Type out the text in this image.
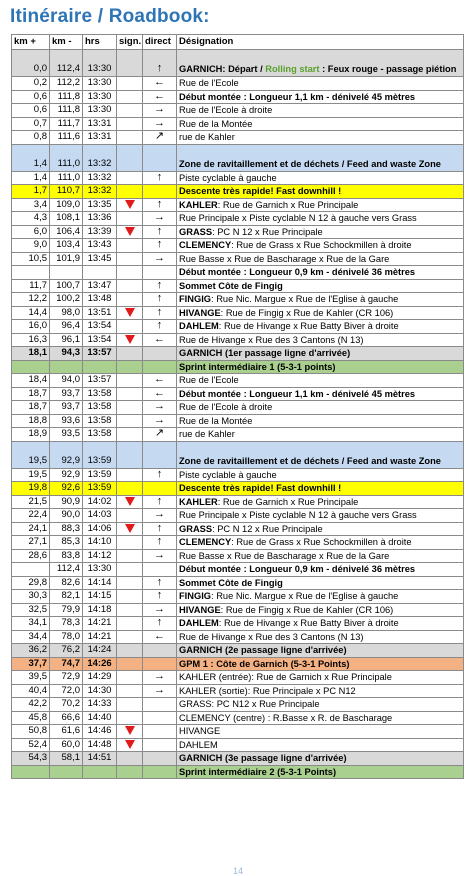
Itinéraire / Roadbook:
km +	km -	hrs	sign.	direct	Désignation
0,0	112,4	13:30		↑	GARNICH: Départ / Rolling start : Feux rouge - passage piétion
0,2	112,2	13:30		←	Rue de l'Ecole
0,6	111,8	13:30		←	Début montée : Longueur 1,1 km - dénivelé 45 mètres
0,6	111,8	13:30		→	Rue de l'Ecole à droite
0,7	111,7	13:31		→	Rue de la Montée
0,8	111,6	13:31		↗	rue de Kahler
1,4	111,0	13:32			Zone de ravitaillement et de déchets / Feed and waste Zone
1,4	111,0	13:32		↑	Piste cyclable à gauche
1,7	110,7	13:32			Descente très rapide! Fast downhill !
3,4	109,0	13:35		↑	KAHLER: Rue de Garnich x Rue Principale
4,3	108,1	13:36		→	Rue Principale x Piste cyclable N 12 à gauche vers Grass
6,0	106,4	13:39		↑	GRASS: PC N 12 x Rue Principale
9,0	103,4	13:43		↑	CLEMENCY: Rue de Grass x Rue Schockmillen à droite
10,5	101,9	13:45		→	Rue Basse x Rue de Bascharage x Rue de la Gare
					Début montée : Longueur 0,9 km - dénivelé 36 mètres
11,7	100,7	13:47		↑	Sommet Côte de Fingig
12,2	100,2	13:48		↑	FINGIG: Rue Nic. Margue x Rue de l'Eglise à gauche
14,4	98,0	13:51		↑	HIVANGE: Rue de Fingig x Rue de Kahler (CR 106)
16,0	96,4	13:54		↑	DAHLEM: Rue de Hivange x Rue Batty Biver à droite
16,3	96,1	13:54		←	Rue de Hivange x Rue des 3 Cantons (N 13)
18,1	94,3	13:57			GARNICH (1er passage ligne d'arrivée)
					Sprint intermédiaire 1 (5-3-1 points)
18,4	94,0	13:57		←	Rue de l'Ecole
18,7	93,7	13:58		←	Début montée : Longueur 1,1 km - dénivelé 45 mètres
18,7	93,7	13:58		→	Rue de l'Ecole à droite
18,8	93,6	13:58		→	Rue de la Montée
18,9	93,5	13:58		↗	rue de Kahler
19,5	92,9	13:59			Zone de ravitaillement et de déchets / Feed and waste Zone
19,5	92,9	13:59		↑	Piste cyclable à gauche
19,8	92,6	13:59			Descente très rapide! Fast downhill !
21,5	90,9	14:02		↑	KAHLER: Rue de Garnich x Rue Principale
22,4	90,0	14:03		→	Rue Principale x Piste cyclable N 12 à gauche vers Grass
24,1	88,3	14:06		↑	GRASS: PC N 12 x Rue Principale
27,1	85,3	14:10		↑	CLEMENCY: Rue de Grass x Rue Schockmillen à droite
28,6	83,8	14:12		→	Rue Basse x Rue de Bascharage x Rue de la Gare
	112,4	13:30			Début montée : Longueur 0,9 km - dénivelé 36 mètres
29,8	82,6	14:14		↑	Sommet Côte de Fingig
30,3	82,1	14:15		↑	FINGIG: Rue Nic. Margue x Rue de l'Eglise à gauche
32,5	79,9	14:18		→	HIVANGE: Rue de Fingig x Rue de Kahler (CR 106)
34,1	78,3	14:21		↑	DAHLEM: Rue de Hivange x Rue Batty Biver à droite
34,4	78,0	14:21		←	Rue de Hivange x Rue des 3 Cantons (N 13)
36,2	76,2	14:24			GARNICH (2e passage ligne d'arrivée)
37,7	74,7	14:26			GPM 1 : Côte de Garnich (5-3-1 Points)
39,5	72,9	14:29		→	KAHLER (entrée): Rue de Garnich x Rue Principale
40,4	72,0	14:30		→	KAHLER (sortie): Rue Principale x PC N12
42,2	70,2	14:33			GRASS: PC N12 x Rue Principale
45,8	66,6	14:40			CLEMENCY (centre) : R.Basse x R. de Bascharage
50,8	61,6	14:46			HIVANGE
52,4	60,0	14:48			DAHLEM
54,3	58,1	14:51			GARNICH (3e passage ligne d'arrivée)
					Sprint intermédiaire 2 (5-3-1 Points)
14
